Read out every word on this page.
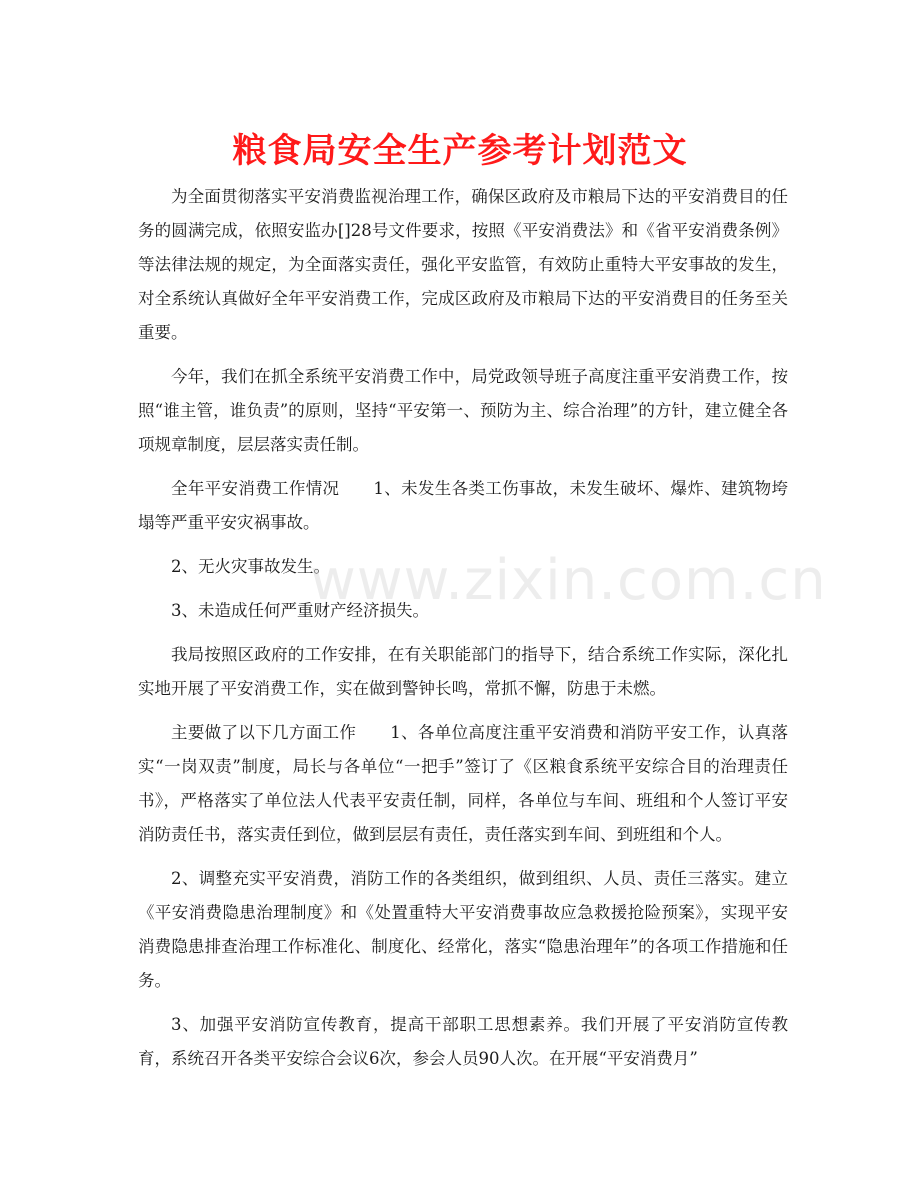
粮食局安全生产参考计划范文

为全面贯彻落实平安消费监视治理工作，确保区政府及市粮局下达的平安消费目的任务的圆满完成，依照安监办[]28号文件要求，按照《平安消费法》和《省平安消费条例》等法律法规的规定，为全面落实责任，强化平安监管，有效防止重特大平安事故的发生，对全系统认真做好全年平安消费工作，完成区政府及市粮局下达的平安消费目的任务至关重要。

今年，我们在抓全系统平安消费工作中，局党政领导班子高度注重平安消费工作，按照“谁主管，谁负责”的原则，坚持“平安第一、预防为主、综合治理”的方针，建立健全各项规章制度，层层落实责任制。

全年平安消费工作情况 1、未发生各类工伤事故，未发生破坏、爆炸、建筑物垮塌等严重平安灾祸事故。

2、无火灾事故发生。

3、未造成任何严重财产经济损失。

我局按照区政府的工作安排，在有关职能部门的指导下，结合系统工作实际，深化扎实地开展了平安消费工作，实在做到警钟长鸣，常抓不懈，防患于未燃。

主要做了以下几方面工作 1、各单位高度注重平安消费和消防平安工作，认真落实“一岗双责”制度，局长与各单位“一把手”签订了《区粮食系统平安综合目的治理责任书》，严格落实了单位法人代表平安责任制，同样，各单位与车间、班组和个人签订平安消防责任书，落实责任到位，做到层层有责任，责任落实到车间、到班组和个人。

2、调整充实平安消费，消防工作的各类组织，做到组织、人员、责任三落实。建立《平安消费隐患治理制度》和《处置重特大平安消费事故应急救援抢险预案》，实现平安消费隐患排查治理工作标准化、制度化、经常化，落实“隐患治理年”的各项工作措施和任务。

3、加强平安消防宣传教育，提高干部职工思想素养。我们开展了平安消防宣传教育，系统召开各类平安综合会议6次，参会人员90人次。在开展“平安消费月”

www.zixin.com.cn
